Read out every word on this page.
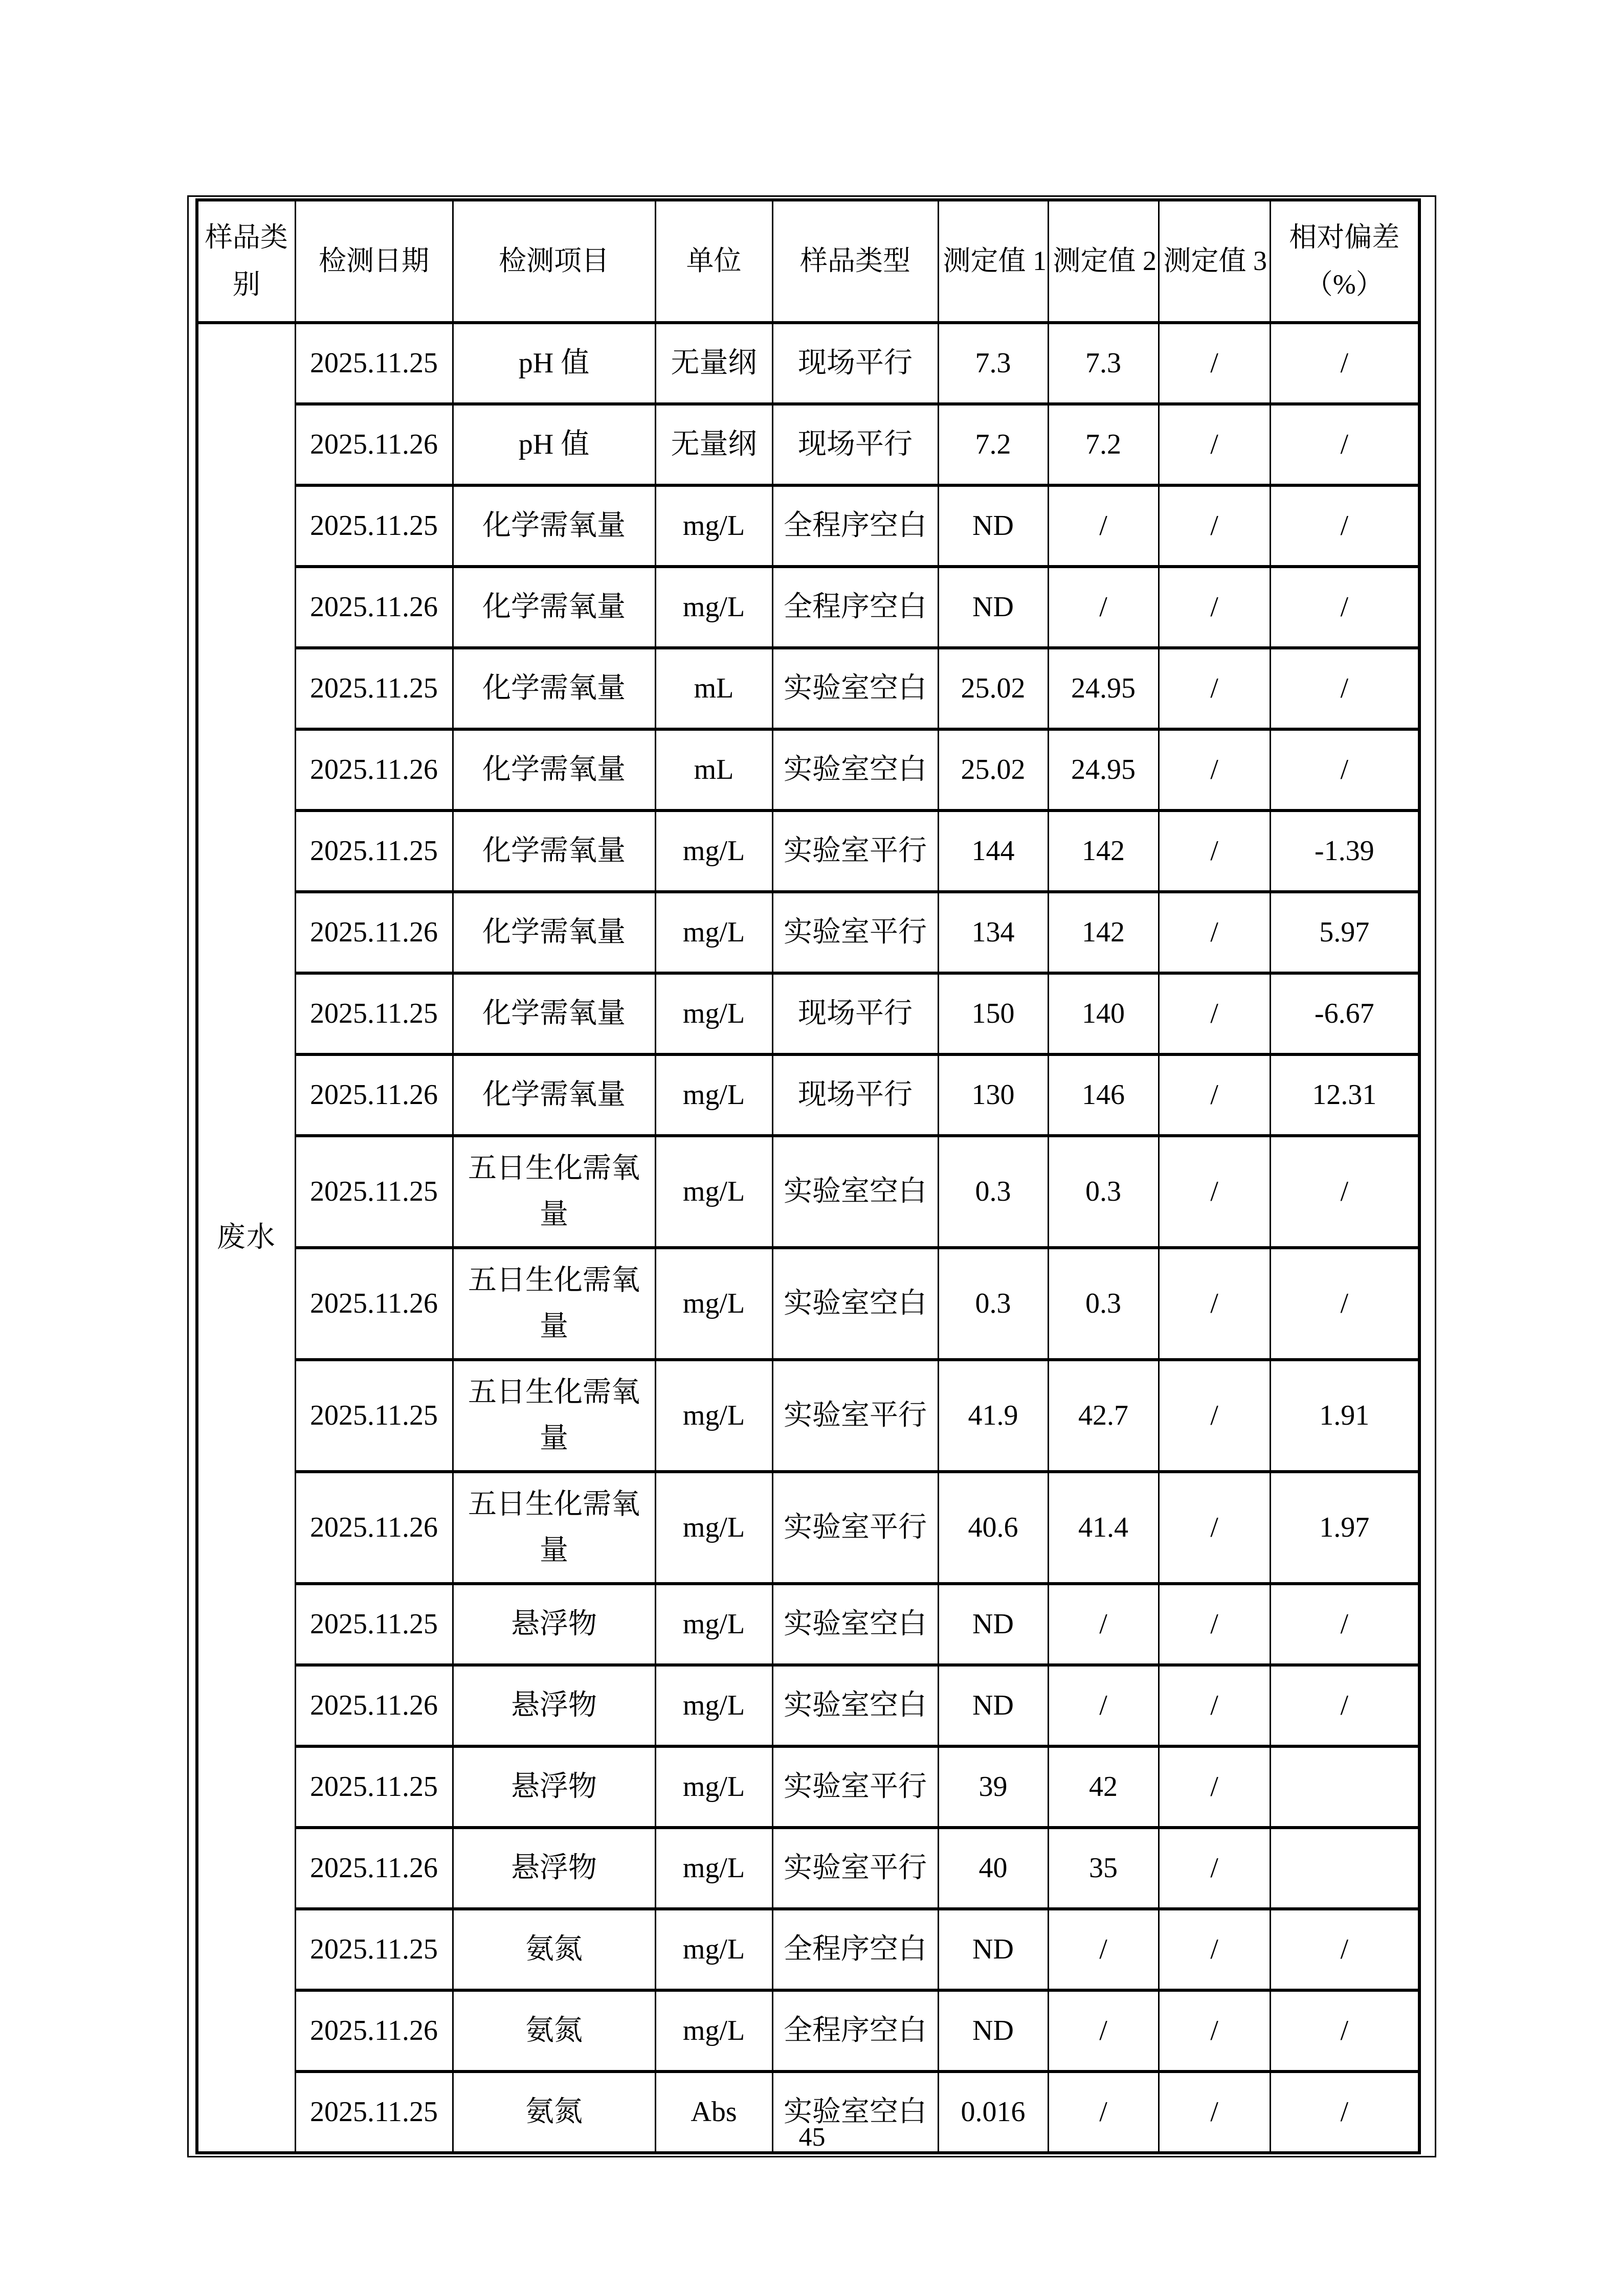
样品类别	检测日期	检测项目	单位	样品类型	测定值 1	测定值 2	测定值 3	相对偏差（%）
废水	2025.11.25	pH 值	无量纲	现场平行	7.3	7.3	/	/
	2025.11.26	pH 值	无量纲	现场平行	7.2	7.2	/	/
	2025.11.25	化学需氧量	mg/L	全程序空白	ND	/	/	/
	2025.11.26	化学需氧量	mg/L	全程序空白	ND	/	/	/
	2025.11.25	化学需氧量	mL	实验室空白	25.02	24.95	/	/
	2025.11.26	化学需氧量	mL	实验室空白	25.02	24.95	/	/
	2025.11.25	化学需氧量	mg/L	实验室平行	144	142	/	-1.39
	2025.11.26	化学需氧量	mg/L	实验室平行	134	142	/	5.97
	2025.11.25	化学需氧量	mg/L	现场平行	150	140	/	-6.67
	2025.11.26	化学需氧量	mg/L	现场平行	130	146	/	12.31
	2025.11.25	五日生化需氧量	mg/L	实验室空白	0.3	0.3	/	/
	2025.11.26	五日生化需氧量	mg/L	实验室空白	0.3	0.3	/	/
	2025.11.25	五日生化需氧量	mg/L	实验室平行	41.9	42.7	/	1.91
	2025.11.26	五日生化需氧量	mg/L	实验室平行	40.6	41.4	/	1.97
	2025.11.25	悬浮物	mg/L	实验室空白	ND	/	/	/
	2025.11.26	悬浮物	mg/L	实验室空白	ND	/	/	/
	2025.11.25	悬浮物	mg/L	实验室平行	39	42	/	
	2025.11.26	悬浮物	mg/L	实验室平行	40	35	/	
	2025.11.25	氨氮	mg/L	全程序空白	ND	/	/	/
	2025.11.26	氨氮	mg/L	全程序空白	ND	/	/	/
	2025.11.25	氨氮	Abs	实验室空白	0.016	/	/	/
45
